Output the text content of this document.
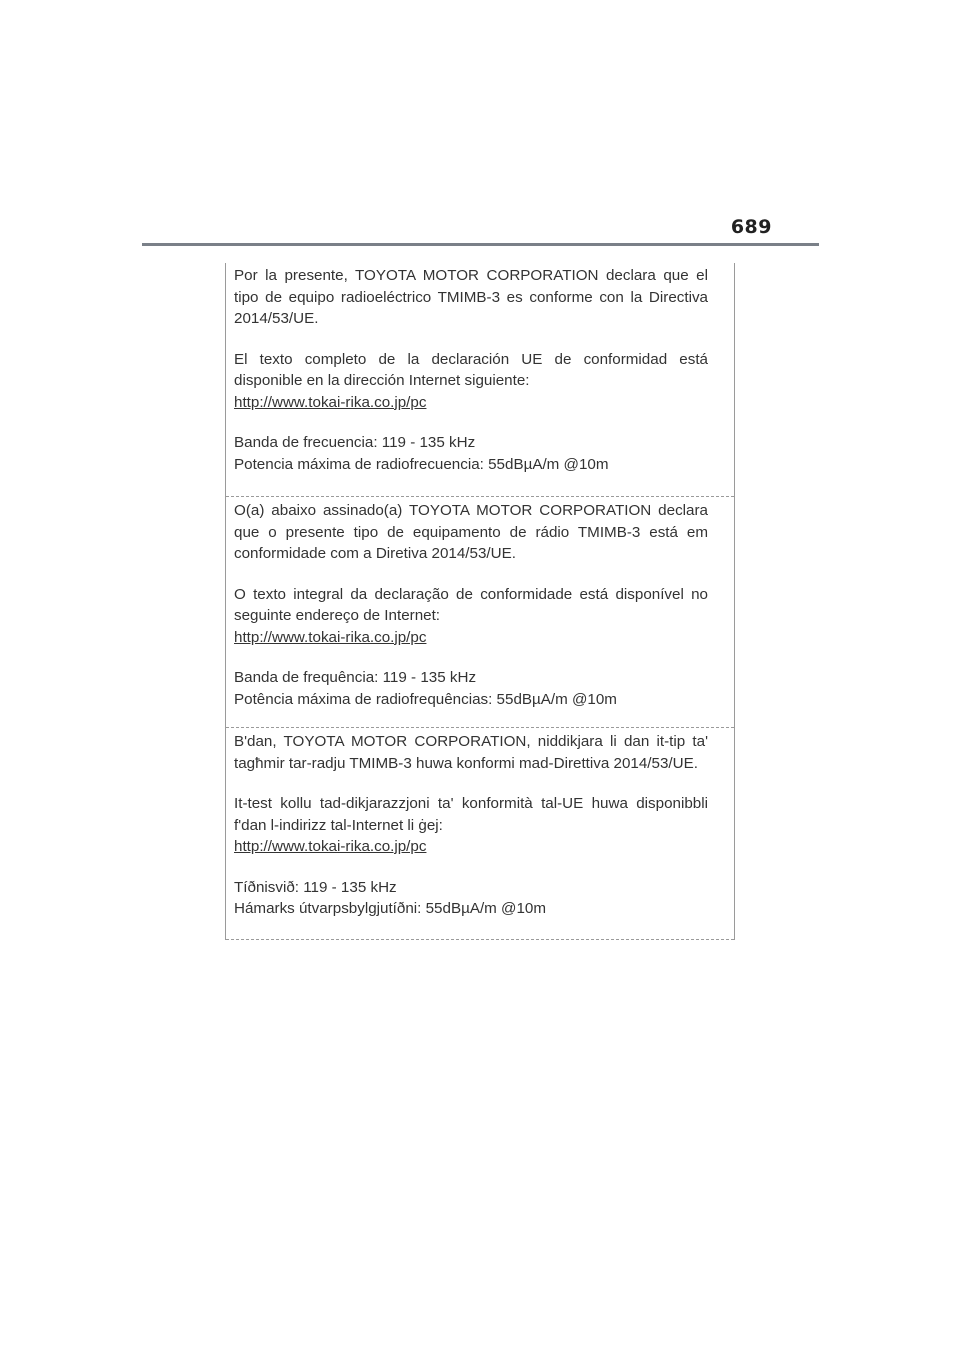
689

Por la presente, TOYOTA MOTOR CORPORATION declara que el tipo de equipo radioeléctrico TMIMB-3 es conforme con la Directiva 2014/53/UE.

El texto completo de la declaración UE de conformidad está disponible en la dirección Internet siguiente:
http://www.tokai-rika.co.jp/pc

Banda de frecuencia: 119 - 135 kHz
Potencia máxima de radiofrecuencia: 55dBµA/m @10m

O(a) abaixo assinado(a) TOYOTA MOTOR CORPORATION declara que o presente tipo de equipamento de rádio TMIMB-3 está em conformidade com a Diretiva 2014/53/UE.

O texto integral da declaração de conformidade está disponível no seguinte endereço de Internet:
http://www.tokai-rika.co.jp/pc

Banda de frequência: 119 - 135 kHz
Potência máxima de radiofrequências: 55dBµA/m @10m

B'dan, TOYOTA MOTOR CORPORATION, niddikjara li dan it-tip ta' tagħmir tar-radju TMIMB-3 huwa konformi mad-Direttiva 2014/53/UE.

It-test kollu tad-dikjarazzjoni ta' konformità tal-UE huwa disponibbli f'dan l-indirizz tal-Internet li ġej:
http://www.tokai-rika.co.jp/pc

Tíðnisvið: 119 - 135 kHz
Hámarks útvarpsbylgjutíðni: 55dBµA/m @10m
